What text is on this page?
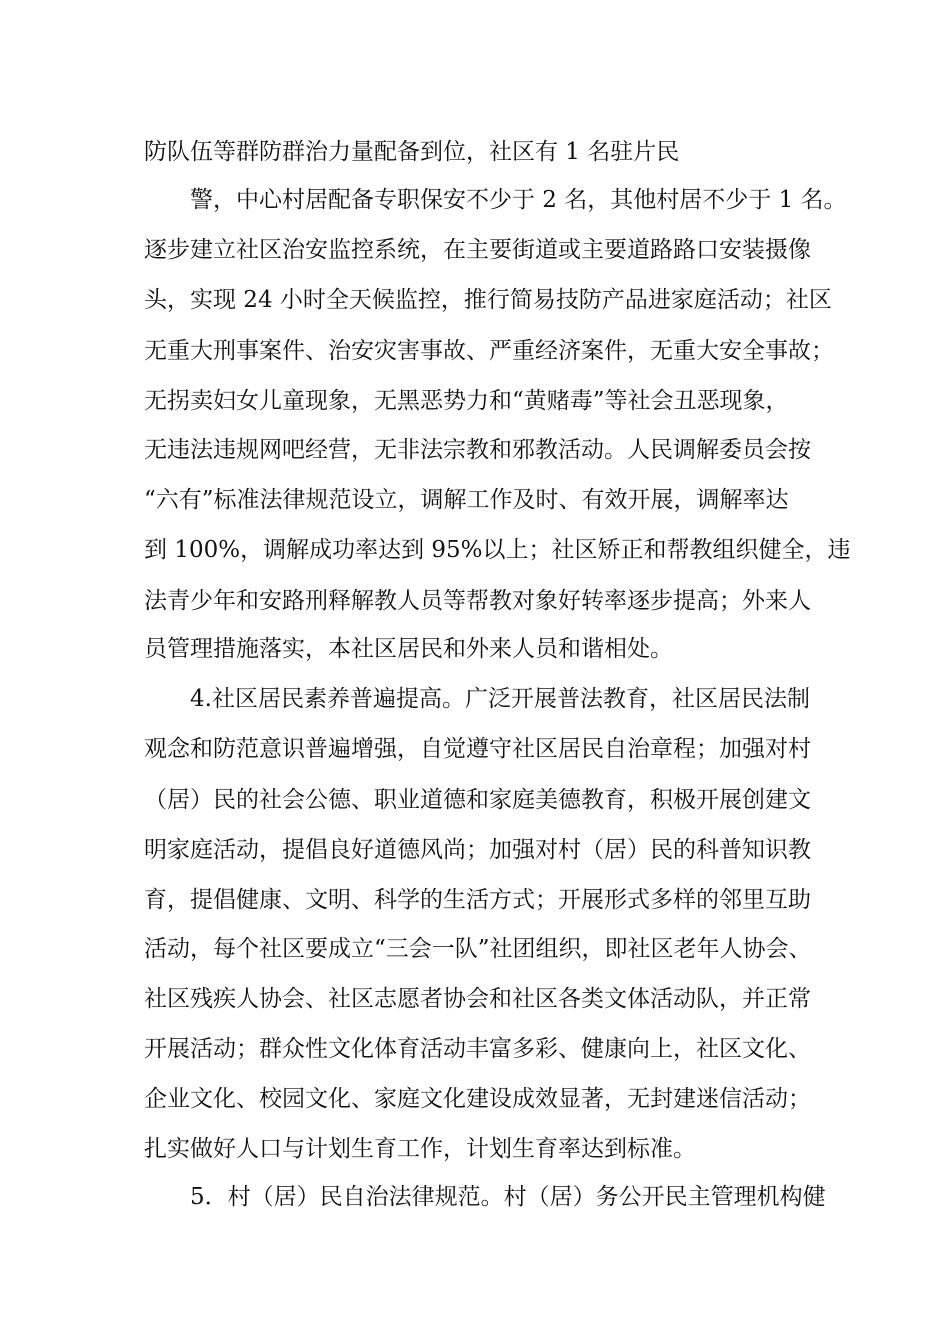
防队伍等群防群治力量配备到位，社区有 1 名驻片民
警，中心村居配备专职保安不少于 2 名，其他村居不少于 1 名。
逐步建立社区治安监控系统，在主要街道或主要道路路口安装摄像
头，实现 24 小时全天候监控，推行简易技防产品进家庭活动；社区
无重大刑事案件、治安灾害事故、严重经济案件，无重大安全事故；
无拐卖妇女儿童现象，无黑恶势力和“黄赌毒”等社会丑恶现象，
无违法违规网吧经营，无非法宗教和邪教活动。人民调解委员会按
“六有”标准法律规范设立，调解工作及时、有效开展，调解率达
到 100%，调解成功率达到 95%以上；社区矫正和帮教组织健全，违
法青少年和安路刑释解教人员等帮教对象好转率逐步提高；外来人
员管理措施落实，本社区居民和外来人员和谐相处。
4.社区居民素养普遍提高。广泛开展普法教育，社区居民法制
观念和防范意识普遍增强，自觉遵守社区居民自治章程；加强对村
（居）民的社会公德、职业道德和家庭美德教育，积极开展创建文
明家庭活动，提倡良好道德风尚；加强对村（居）民的科普知识教
育，提倡健康、文明、科学的生活方式；开展形式多样的邻里互助
活动，每个社区要成立“三会一队”社团组织，即社区老年人协会、
社区残疾人协会、社区志愿者协会和社区各类文体活动队，并正常
开展活动；群众性文化体育活动丰富多彩、健康向上，社区文化、
企业文化、校园文化、家庭文化建设成效显著，无封建迷信活动；
扎实做好人口与计划生育工作，计划生育率达到标准。
5．村（居）民自治法律规范。村（居）务公开民主管理机构健
